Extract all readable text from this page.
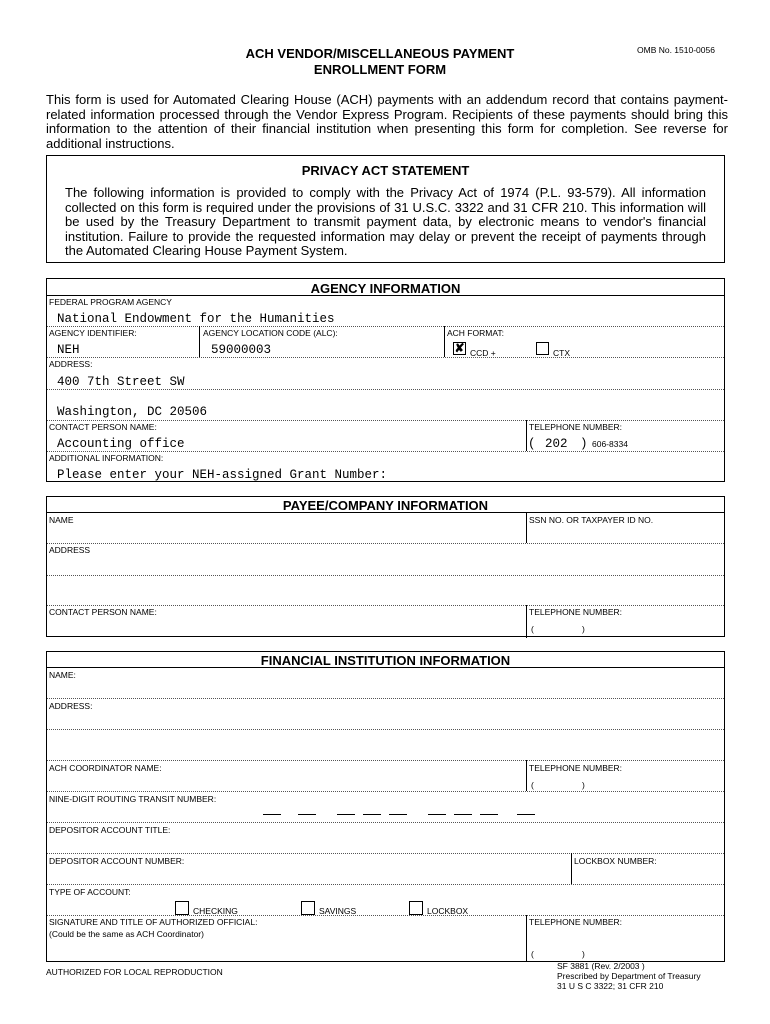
ACH VENDOR/MISCELLANEOUS PAYMENT
ENROLLMENT FORM
OMB No. 1510-0056
This form is used for Automated Clearing House (ACH) payments with an addendum record that contains payment-related information processed through the Vendor Express Program. Recipients of these payments should bring this information to the attention of their financial institution when presenting this form for completion. See reverse for additional instructions.
PRIVACY ACT STATEMENT
The following information is provided to comply with the Privacy Act of 1974 (P.L. 93-579). All information collected on this form is required under the provisions of 31 U.S.C. 3322 and 31 CFR 210. This information will be used by the Treasury Department to transmit payment data, by electronic means to vendor's financial institution. Failure to provide the requested information may delay or prevent the receipt of payments through the Automated Clearing House Payment System.
AGENCY INFORMATION
FEDERAL PROGRAM AGENCY
National Endowment for the Humanities
AGENCY IDENTIFIER:	AGENCY LOCATION CODE (ALC):	ACH FORMAT:
NEH	59000003	✘ CCD +	CTX
ADDRESS:
400 7th Street SW
Washington, DC 20506
CONTACT PERSON NAME:	TELEPHONE NUMBER:
Accounting office	( 202 ) 606-8334
ADDITIONAL INFORMATION:
Please enter your NEH-assigned Grant Number:
PAYEE/COMPANY INFORMATION
NAME	SSN NO. OR TAXPAYER ID NO.
ADDRESS
CONTACT PERSON NAME:	TELEPHONE NUMBER:
(	)
FINANCIAL INSTITUTION INFORMATION
NAME:
ADDRESS:
ACH COORDINATOR NAME:	TELEPHONE NUMBER:
(	)
NINE-DIGIT ROUTING TRANSIT NUMBER:
DEPOSITOR ACCOUNT TITLE:
DEPOSITOR ACCOUNT NUMBER:	LOCKBOX NUMBER:
TYPE OF ACCOUNT:
CHECKING	SAVINGS	LOCKBOX
SIGNATURE AND TITLE OF AUTHORIZED OFFICIAL:
(Could be the same as ACH Coordinator)
TELEPHONE NUMBER:
(	)
AUTHORIZED FOR LOCAL REPRODUCTION
SF 3881 (Rev. 2/2003 )
Prescribed by Department of Treasury
31 U S C 3322; 31 CFR 210
